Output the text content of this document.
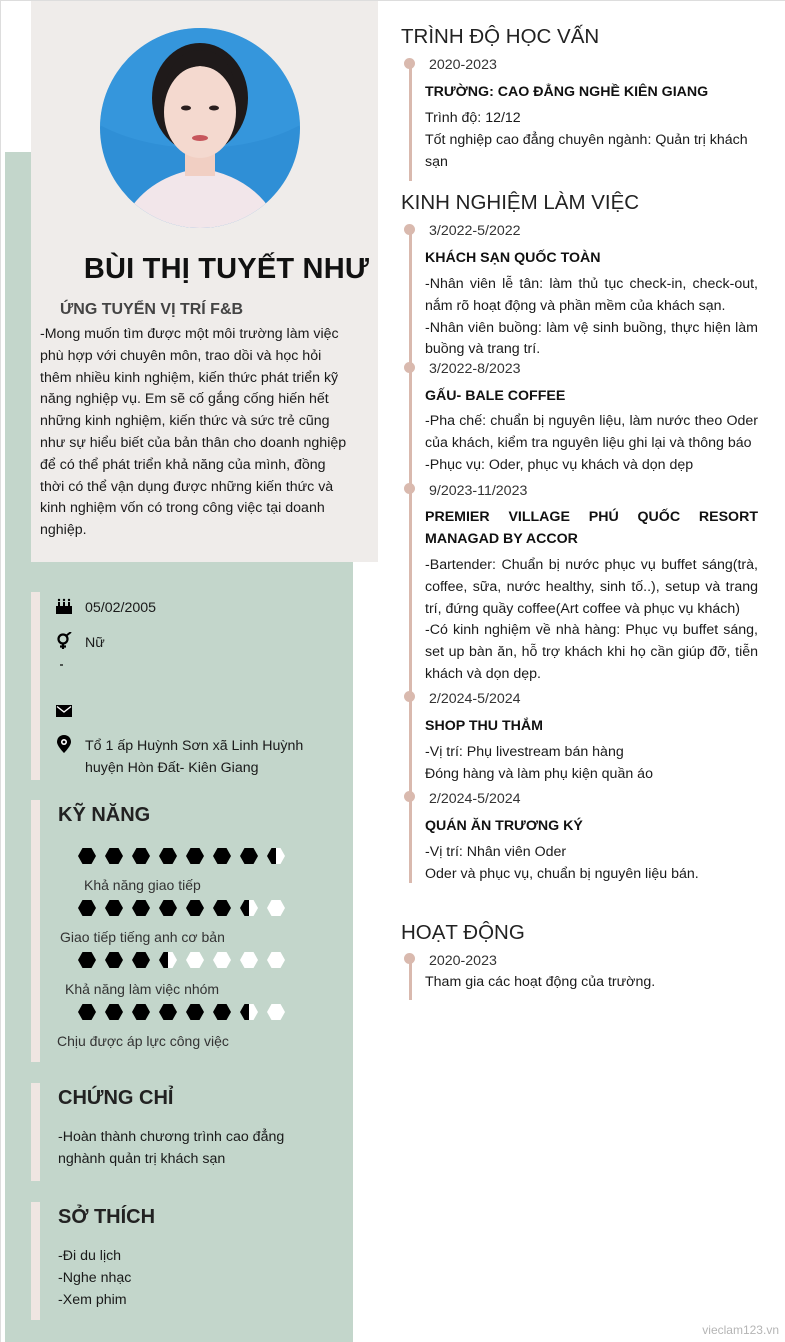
BÙI THỊ TUYẾT NHƯ
ỨNG TUYỂN VỊ TRÍ F&B
-Mong muốn tìm được một môi trường làm việc phù hợp với chuyên môn, trao dồi và học hỏi thêm nhiều kinh nghiệm, kiến thức phát triển kỹ năng nghiệp vụ. Em sẽ cố gắng cống hiến hết những kinh nghiệm, kiến thức và sức trẻ cũng như sự hiểu biết của bản thân cho doanh nghiệp để có thể phát triển khả năng của mình, đồng thời có thể vận dụng được những kiến thức và kinh nghiệm vốn có trong công việc tại doanh nghiệp.
05/02/2005
Nữ
Tổ 1 ấp Huỳnh Sơn xã Linh Huỳnh
huyện Hòn Đất- Kiên Giang
KỸ NĂNG
Khả năng giao tiếp
Giao tiếp tiếng anh cơ bản
Khả năng làm việc nhóm
Chịu được áp lực công việc
CHỨNG CHỈ
-Hoàn thành chương trình cao đẳng
nghành quản trị khách sạn
SỞ THÍCH
-Đi du lịch
-Nghe nhạc
-Xem phim
TRÌNH ĐỘ HỌC VẤN
2020-2023
TRƯỜNG: CAO ĐẲNG NGHỀ KIÊN GIANG
Trình độ: 12/12
Tốt nghiệp cao đẳng chuyên ngành: Quản trị khách sạn
KINH NGHIỆM LÀM VIỆC
3/2022-5/2022
KHÁCH SẠN QUỐC TOÀN
-Nhân viên lễ tân: làm thủ tục check-in, check-out, nắm rõ hoạt động và phần mềm của khách sạn.
-Nhân viên buồng: làm vệ sinh buồng, thực hiện làm buồng và trang trí.
3/2022-8/2023
GẤU- BALE COFFEE
-Pha chế: chuẩn bị nguyên liệu, làm nước theo Oder của khách, kiểm tra nguyên liệu ghi lại và thông báo
-Phục vụ: Oder, phục vụ khách và dọn dẹp
9/2023-11/2023
PREMIER VILLAGE PHÚ QUỐC RESORT MANAGAD BY ACCOR
-Bartender: Chuẩn bị nước phục vụ buffet sáng(trà, coffee, sữa, nước healthy, sinh tố..), setup và trang trí, đứng quầy coffee(Art coffee và phục vụ khách)
-Có kinh nghiệm về nhà hàng: Phục vụ buffet sáng, set up bàn ăn, hỗ trợ khách khi họ cần giúp đỡ, tiễn khách và dọn dẹp.
2/2024-5/2024
SHOP THU THẮM
-Vị trí: Phụ livestream bán hàng
Đóng hàng và làm phụ kiện quần áo
2/2024-5/2024
QUÁN ĂN TRƯƠNG KÝ
-Vị trí: Nhân viên Oder
Oder và phục vụ, chuẩn bị nguyên liệu bán.
HOẠT ĐỘNG
2020-2023
Tham gia các hoạt động của trường.
vieclam123.vn
